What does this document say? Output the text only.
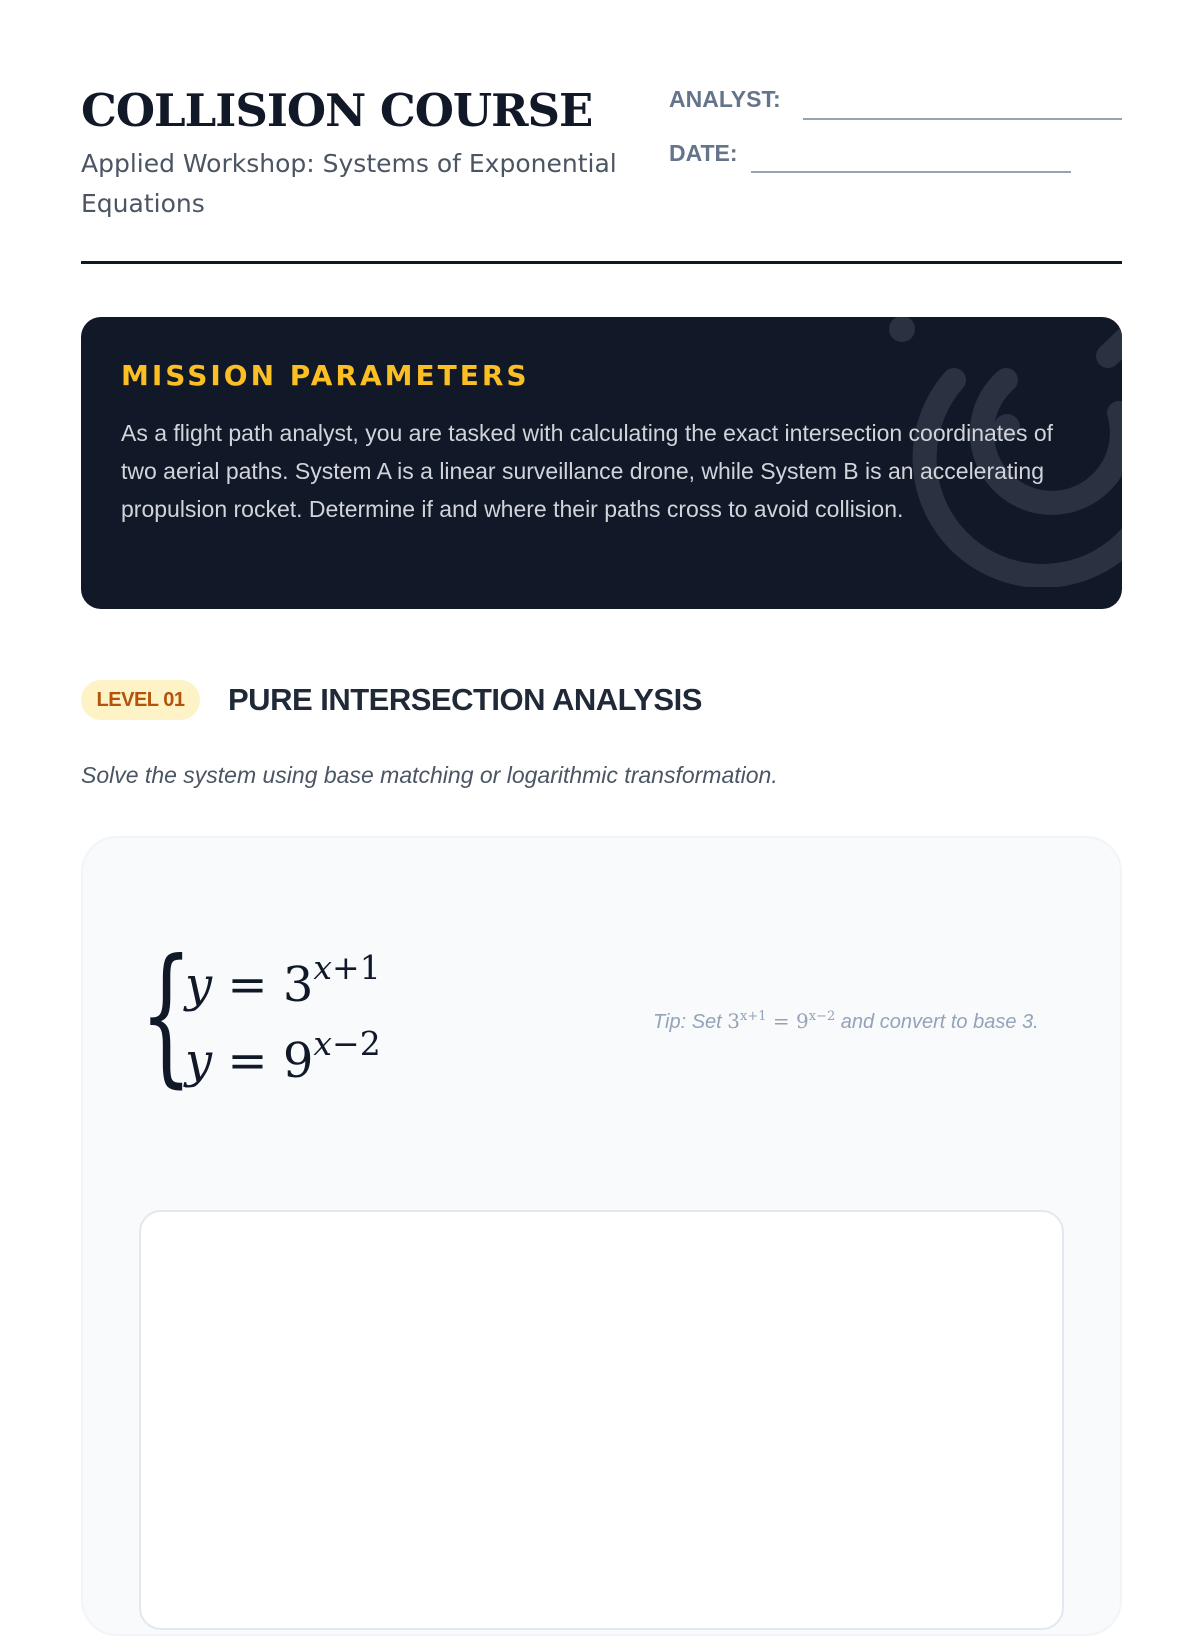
COLLISION COURSE

Applied Workshop: Systems of Exponential Equations

ANALYST:
DATE:
MISSION PARAMETERS

As a flight path analyst, you are tasked with calculating the exact intersection coordinates of two aerial paths. System A is a linear surveillance drone, while System B is an accelerating propulsion rocket. Determine if and where their paths cross to avoid collision.

LEVEL 01	PURE INTERSECTION ANALYSIS

Solve the system using base matching or logarithmic transformation.

{
$y = 3^{x+1}$
$y = 9^{x-2}$
Tip: Set $3^{x+1} = 9^{x-2}$ and convert to base 3.
